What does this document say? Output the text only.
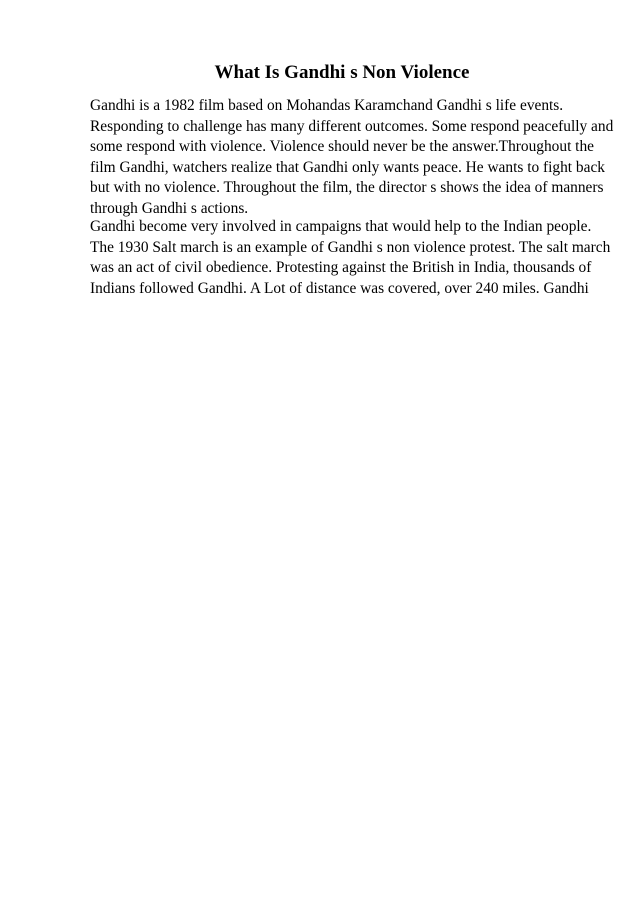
What Is Gandhi s Non Violence

Gandhi is a 1982 film based on Mohandas Karamchand Gandhi s life events.
Responding to challenge has many different outcomes. Some respond peacefully and
some respond with violence. Violence should never be the answer.Throughout the
film Gandhi, watchers realize that Gandhi only wants peace. He wants to fight back
but with no violence. Throughout the film, the director s shows the idea of manners
through Gandhi s actions.

Gandhi become very involved in campaigns that would help to the Indian people.
The 1930 Salt march is an example of Gandhi s non violence protest. The salt march
was an act of civil obedience. Protesting against the British in India, thousands of
Indians followed Gandhi. A Lot of distance was covered, over 240 miles. Gandhi
